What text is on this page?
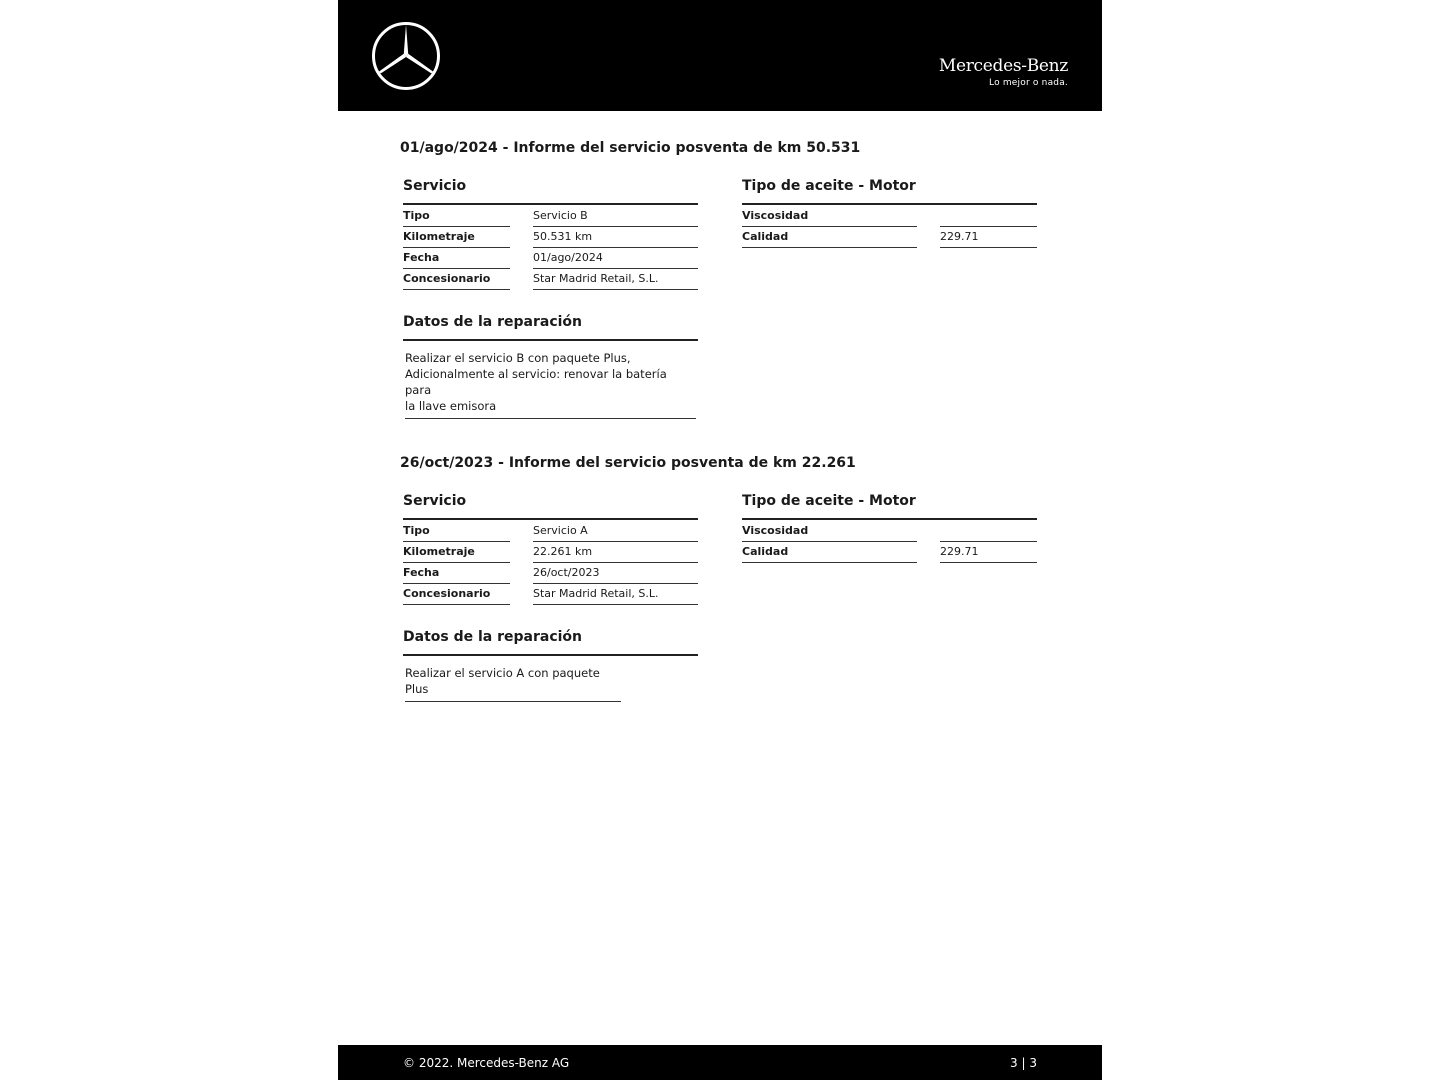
Mercedes-Benz
Lo mejor o nada.
01/ago/2024 - Informe del servicio posventa de km 50.531
Servicio
Tipo	Servicio B
Kilometraje	50.531 km
Fecha	01/ago/2024
Concesionario	Star Madrid Retail, S.L.
Tipo de aceite - Motor
Viscosidad
Calidad	229.71
Datos de la reparación
Realizar el servicio B con paquete Plus,
Adicionalmente al servicio: renovar la batería para
la llave emisora
26/oct/2023 - Informe del servicio posventa de km 22.261
Servicio
Tipo	Servicio A
Kilometraje	22.261 km
Fecha	26/oct/2023
Concesionario	Star Madrid Retail, S.L.
Tipo de aceite - Motor
Viscosidad
Calidad	229.71
Datos de la reparación
Realizar el servicio A con paquete Plus
© 2022. Mercedes-Benz AG	3 | 3
